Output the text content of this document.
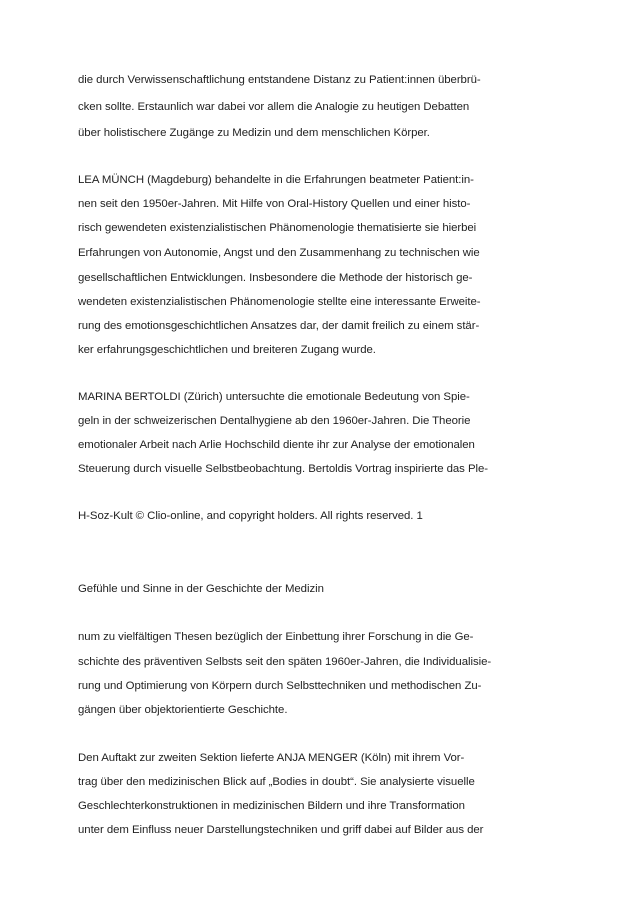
die durch Verwissenschaftlichung entstandene Distanz zu Patient:innen überbrü-
cken sollte. Erstaunlich war dabei vor allem die Analogie zu heutigen Debatten
über holistischere Zugänge zu Medizin und dem menschlichen Körper.
LEA MÜNCH (Magdeburg) behandelte in die Erfahrungen beatmeter Patient:in-
nen seit den 1950er-Jahren. Mit Hilfe von Oral-History Quellen und einer histo-
risch gewendeten existenzialistischen Phänomenologie thematisierte sie hierbei
Erfahrungen von Autonomie, Angst und den Zusammenhang zu technischen wie
gesellschaftlichen Entwicklungen. Insbesondere die Methode der historisch ge-
wendeten existenzialistischen Phänomenologie stellte eine interessante Erweite-
rung des emotionsgeschichtlichen Ansatzes dar, der damit freilich zu einem stär-
ker erfahrungsgeschichtlichen und breiteren Zugang wurde.
MARINA BERTOLDI (Zürich) untersuchte die emotionale Bedeutung von Spie-
geln in der schweizerischen Dentalhygiene ab den 1960er-Jahren. Die Theorie
emotionaler Arbeit nach Arlie Hochschild diente ihr zur Analyse der emotionalen
Steuerung durch visuelle Selbstbeobachtung. Bertoldis Vortrag inspirierte das Ple-
H-Soz-Kult © Clio-online, and copyright holders. All rights reserved. 1
Gefühle und Sinne in der Geschichte der Medizin
num zu vielfältigen Thesen bezüglich der Einbettung ihrer Forschung in die Ge-
schichte des präventiven Selbsts seit den späten 1960er-Jahren, die Individualisie-
rung und Optimierung von Körpern durch Selbsttechniken und methodischen Zu-
gängen über objektorientierte Geschichte.
Den Auftakt zur zweiten Sektion lieferte ANJA MENGER (Köln) mit ihrem Vor-
trag über den medizinischen Blick auf „Bodies in doubt“. Sie analysierte visuelle
Geschlechterkonstruktionen in medizinischen Bildern und ihre Transformation
unter dem Einfluss neuer Darstellungstechniken und griff dabei auf Bilder aus der
